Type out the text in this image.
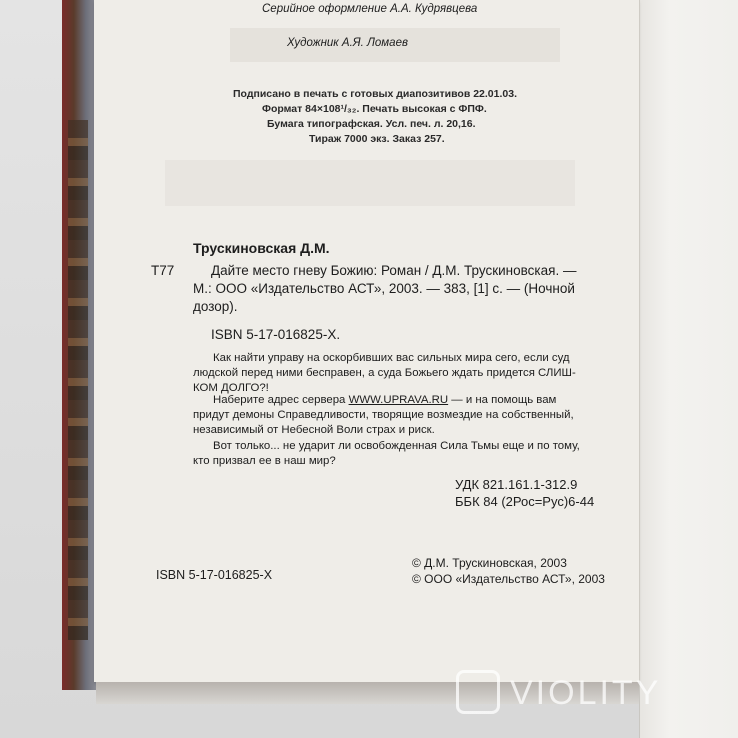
Серийное оформление А.А. Кудрявцева
Художник А.Я. Ломаев
Подписано в печать с готовых диапозитивов 22.01.03.
Формат 84×108¹/₃₂. Печать высокая с ФПФ.
Бумага типографская. Усл. печ. л. 20,16.
Тираж 7000 экз. Заказ 257.
Трускиновская Д.М.
Т77	Дайте место гневу Божию: Роман / Д.М. Трускиновская. —
М.: ООО «Издательство АСТ», 2003. — 383, [1] с. — (Ночной
дозор).
ISBN 5-17-016825-X.
Как найти управу на оскорбивших вас сильных мира сего, если суд
людской перед ними бесправен, а суда Божьего ждать придется СЛИШ-
КОМ ДОЛГО?!
Наберите адрес сервера WWW.UPRAVA.RU — и на помощь вам
придут демоны Справедливости, творящие возмездие на собственный,
независимый от Небесной Воли страх и риск.
Вот только... не ударит ли освобожденная Сила Тьмы еще и по тому,
кто призвал ее в наш мир?
УДК 821.161.1-312.9
ББК 84 (2Рос=Рус)6-44
ISBN 5-17-016825-X
© Д.М. Трускиновская, 2003
© ООО «Издательство АСТ», 2003
VIOLITY
